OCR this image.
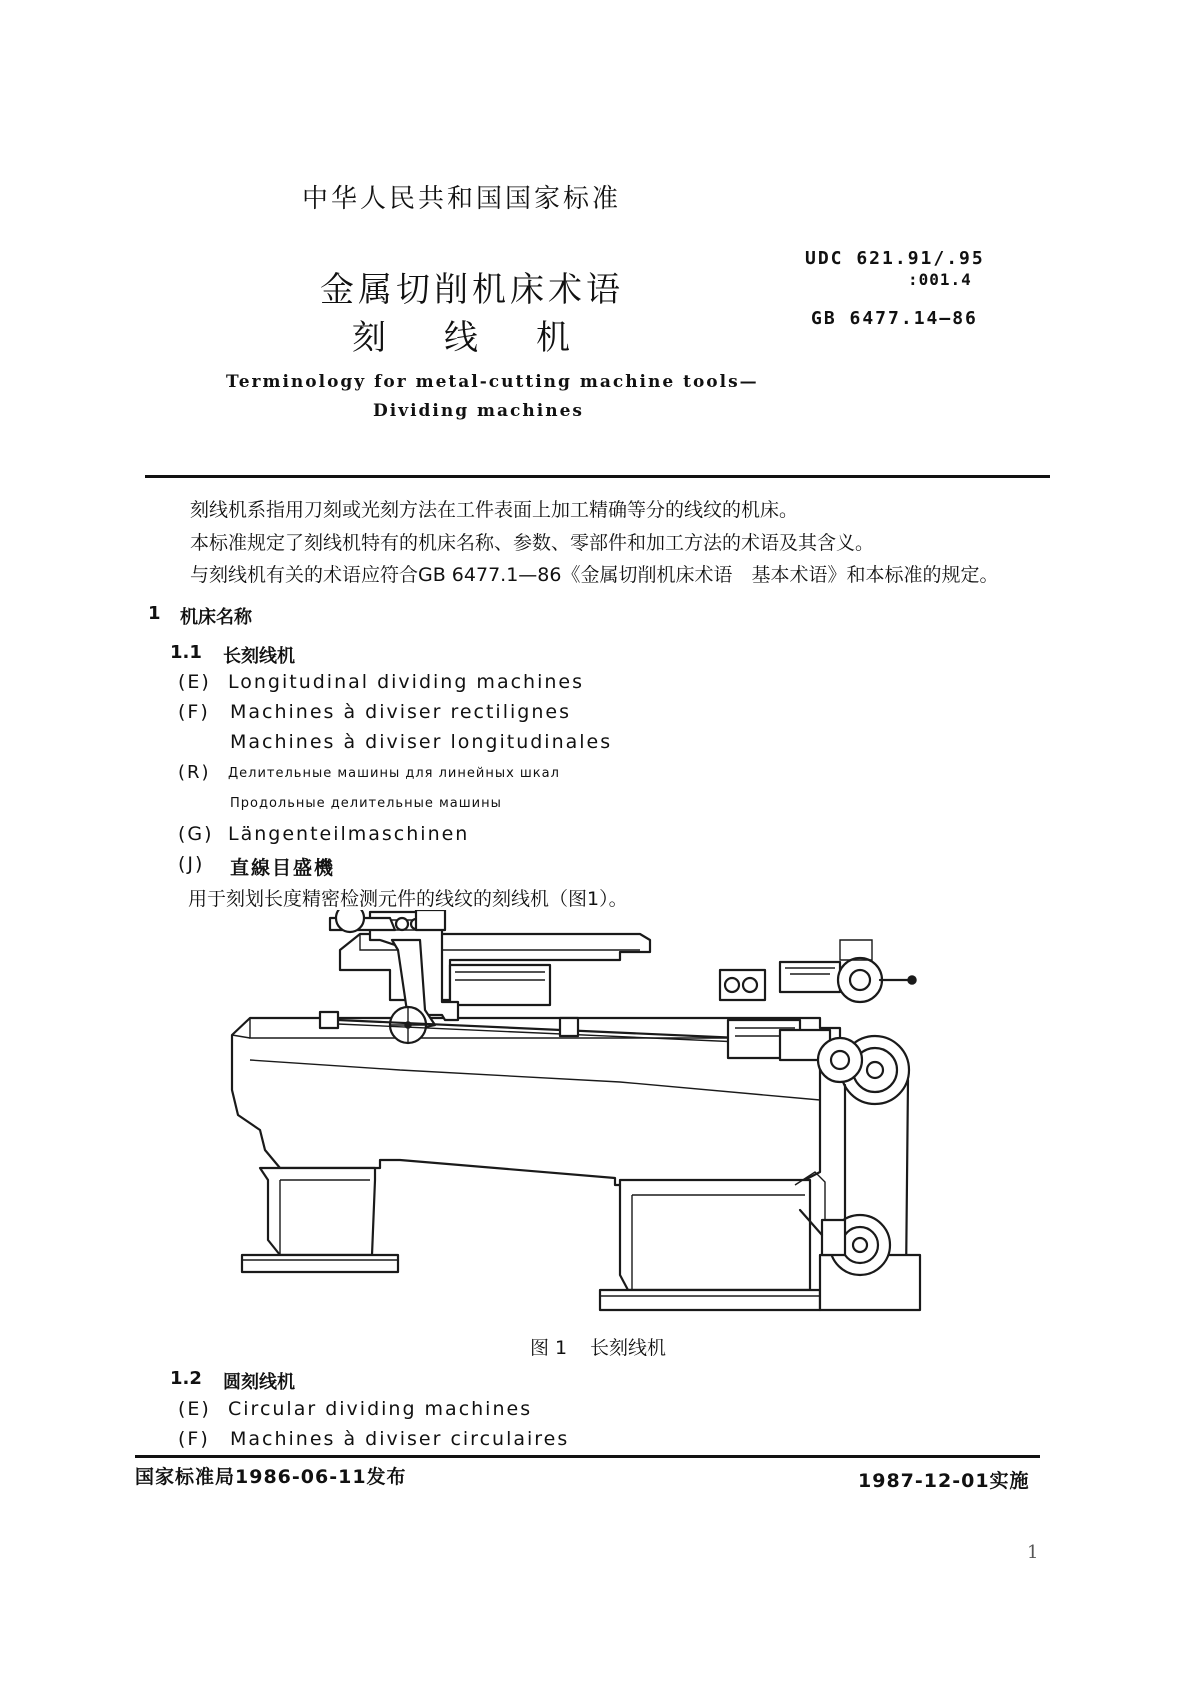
中华人民共和国国家标准
金属切削机床术语
刻线机
UDC 621.91/.95
:001.4
GB 6477.14—86
Terminology for metal-cutting machine tools—
Dividing machines
刻线机系指用刀刻或光刻方法在工件表面上加工精确等分的线纹的机床。
本标准规定了刻线机特有的机床名称、参数、零部件和加工方法的术语及其含义。
与刻线机有关的术语应符合GB 6477.1—86《金属切削机床术语　基本术语》和本标准的规定。
1 机床名称
1.1 长刻线机
(E) Longitudinal dividing machines
(F) Machines à diviser rectilignes
Machines à diviser longitudinales
(R) Делительные машины для линейных шкал
Продольные делительные машины
(G) Längenteilmaschinen
(J) 直線目盛機
用于刻划长度精密检测元件的线纹的刻线机（图1）。
图 1 长刻线机
1.2 圆刻线机
(E) Circular dividing machines
(F) Machines à diviser circulaires
国家标准局1986-06-11发布	1987-12-01实施
1
